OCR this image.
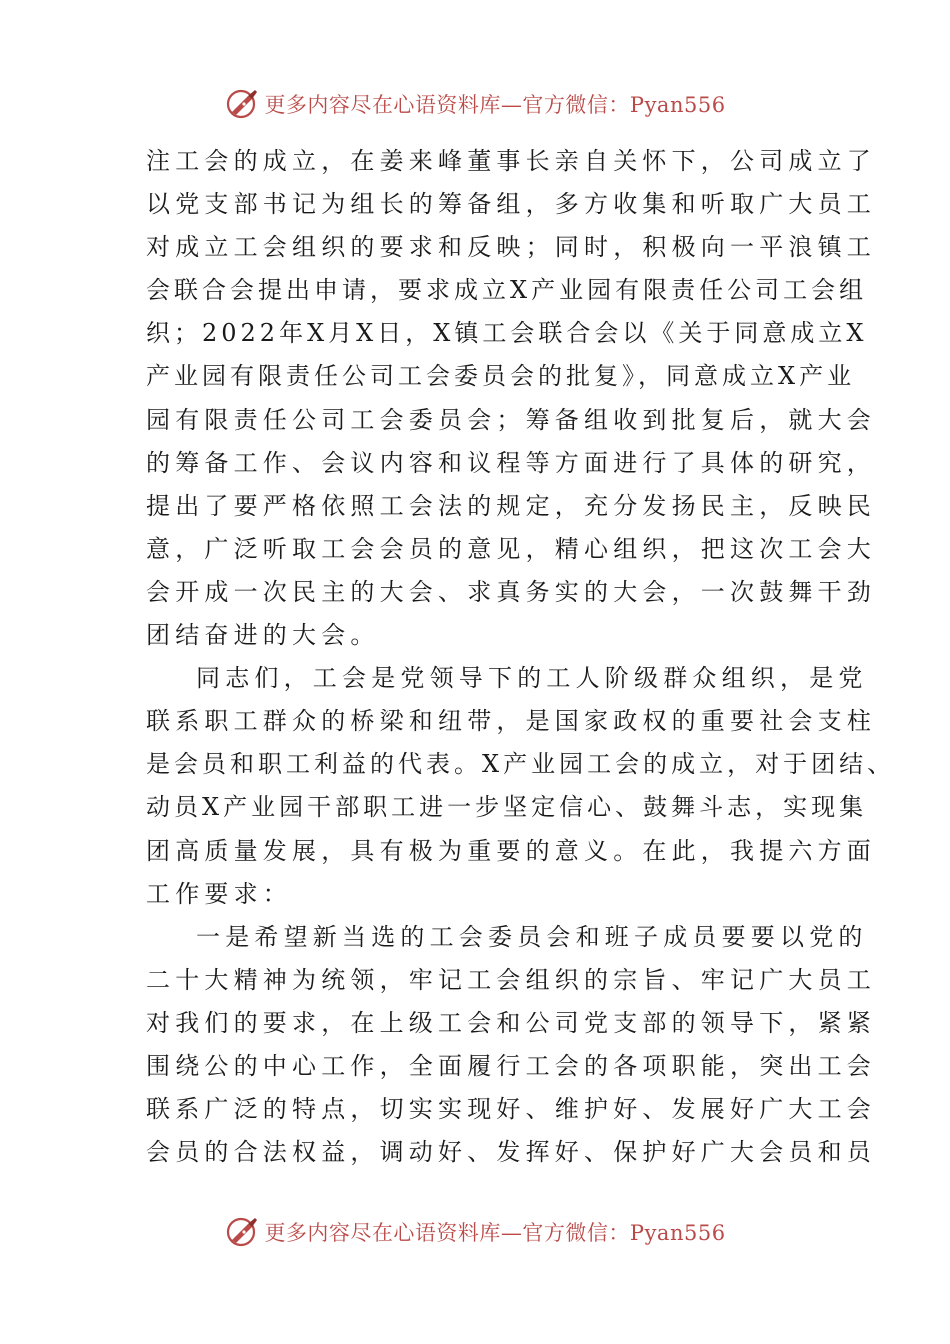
更多内容尽在心语资料库—官方微信：Pyan556
注工会的成立，在姜来峰董事长亲自关怀下，公司成立了
以党支部书记为组长的筹备组，多方收集和听取广大员工
对成立工会组织的要求和反映；同时，积极向一平浪镇工
会联合会提出申请，要求成立X产业园有限责任公司工会组
织；2022年X月X日，X镇工会联合会以《关于同意成立X
产业园有限责任公司工会委员会的批复》，同意成立X产业
园有限责任公司工会委员会；筹备组收到批复后，就大会
的筹备工作、会议内容和议程等方面进行了具体的研究，
提出了要严格依照工会法的规定，充分发扬民主，反映民
意，广泛听取工会会员的意见，精心组织，把这次工会大
会开成一次民主的大会、求真务实的大会，一次鼓舞干劲
团结奋进的大会。
同志们，工会是党领导下的工人阶级群众组织，是党
联系职工群众的桥梁和纽带，是国家政权的重要社会支柱
是会员和职工利益的代表。X产业园工会的成立，对于团结、
动员X产业园干部职工进一步坚定信心、鼓舞斗志，实现集
团高质量发展，具有极为重要的意义。在此，我提六方面
工作要求：
一是希望新当选的工会委员会和班子成员要要以党的
二十大精神为统领，牢记工会组织的宗旨、牢记广大员工
对我们的要求，在上级工会和公司党支部的领导下，紧紧
围绕公的中心工作，全面履行工会的各项职能，突出工会
联系广泛的特点，切实实现好、维护好、发展好广大工会
会员的合法权益，调动好、发挥好、保护好广大会员和员
更多内容尽在心语资料库—官方微信：Pyan556
